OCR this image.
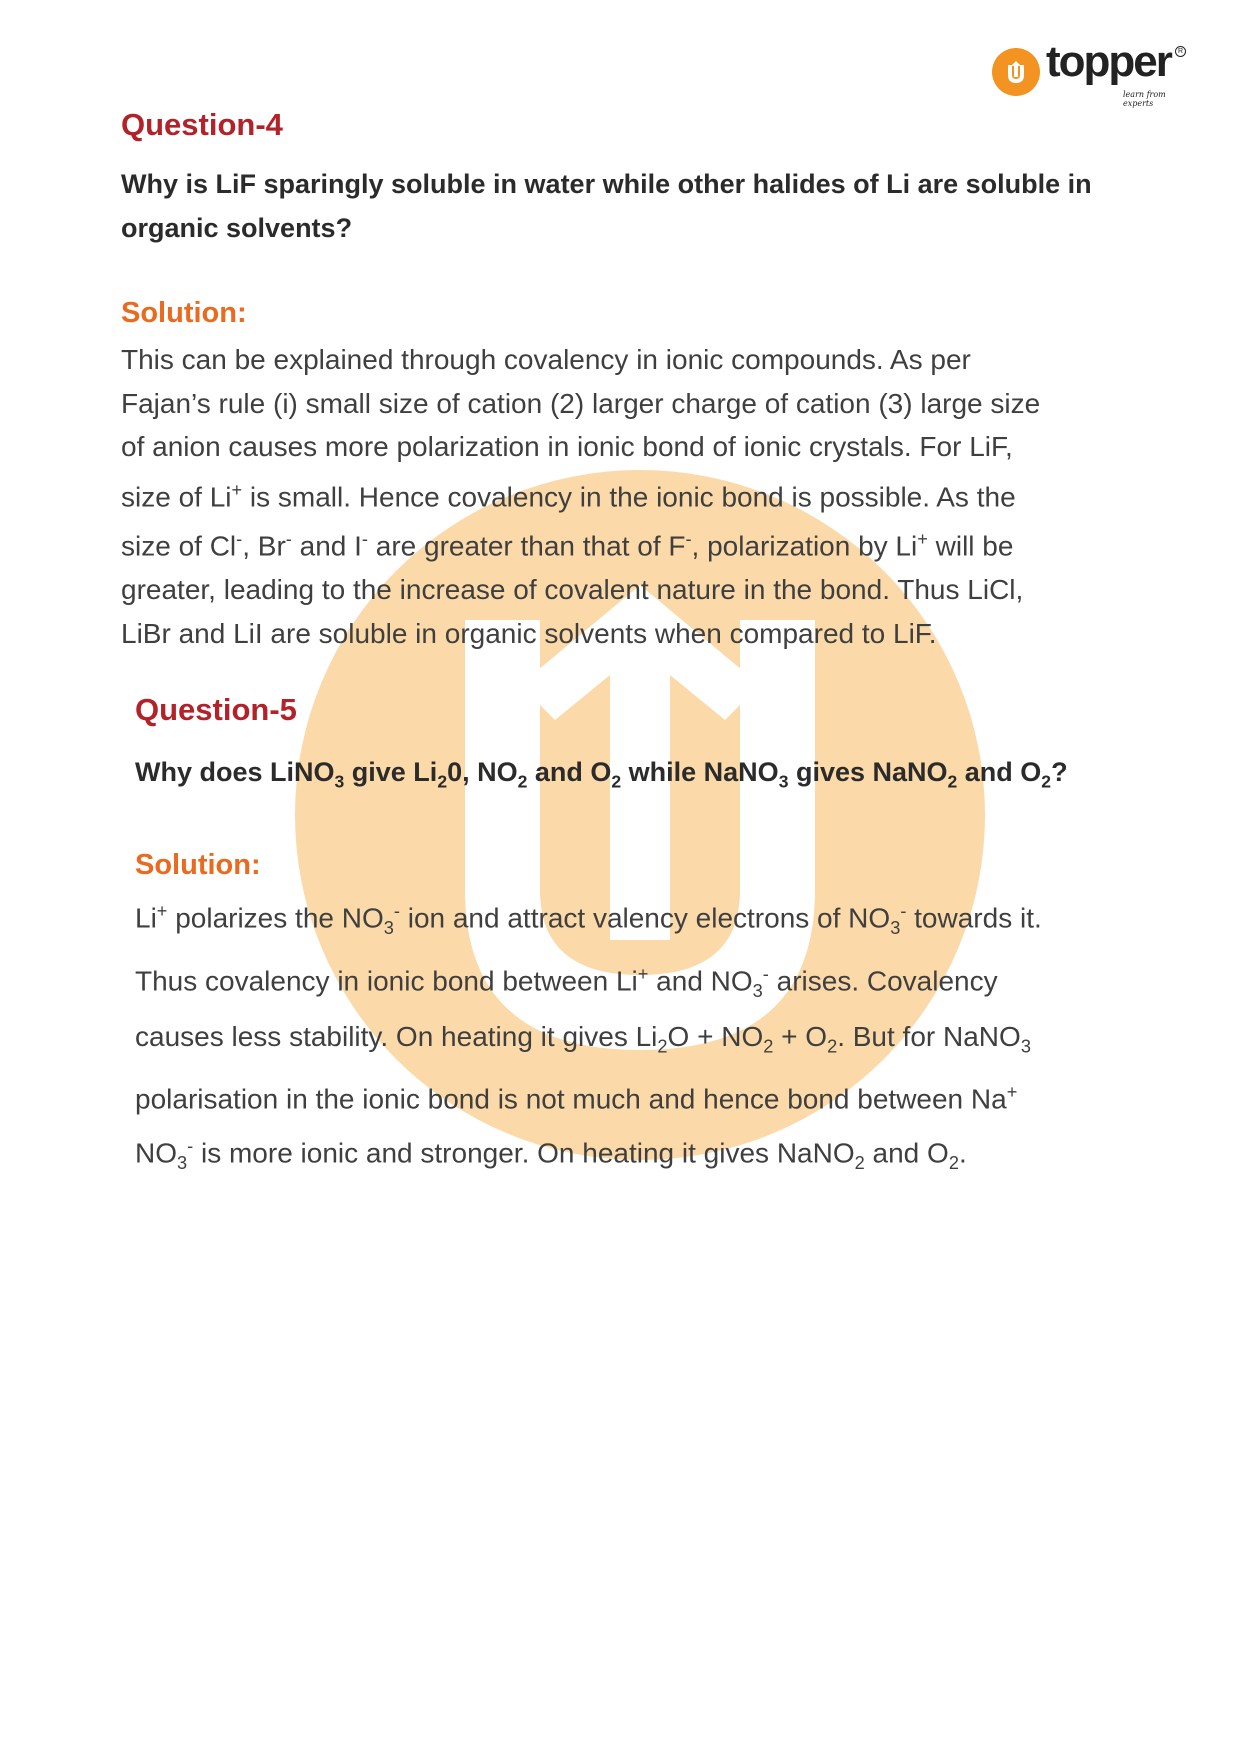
topper
learn from experts
R
Question-4

Why is LiF sparingly soluble in water while other halides of Li are soluble in

organic solvents?

Solution:

This can be explained through covalency in ionic compounds. As per

Fajan’s rule (i) small size of cation (2) larger charge of cation (3) large size

of anion causes more polarization in ionic bond of ionic crystals. For LiF,

size of Li+ is small. Hence covalency in the ionic bond is possible. As the

size of Cl-, Br- and I- are greater than that of F-, polarization by Li+ will be

greater, leading to the increase of covalent nature in the bond. Thus LiCl,

LiBr and LiI are soluble in organic solvents when compared to LiF.

Question-5

Why does LiNO$_3$ give $Li_20$, $NO_2$ and $O_2$ while NaNO$_3$ gives NaNO$_2$ and $O_2$?

Solution:

Li+ polarizes the $NO_3^-$ ion and attract valency electrons of $NO_3^-$ towards it.

Thus covalency in ionic bond between Li+ and $NO_3^-$ arises. Covalency

causes less stability. On heating it gives $Li_2O + NO_2 + O_2$. But for NaNO$_3$

polarisation in the ionic bond is not much and hence bond between Na+

$NO_3^-$ is more ionic and stronger. On heating it gives NaNO$_2$ and $O_2$.
